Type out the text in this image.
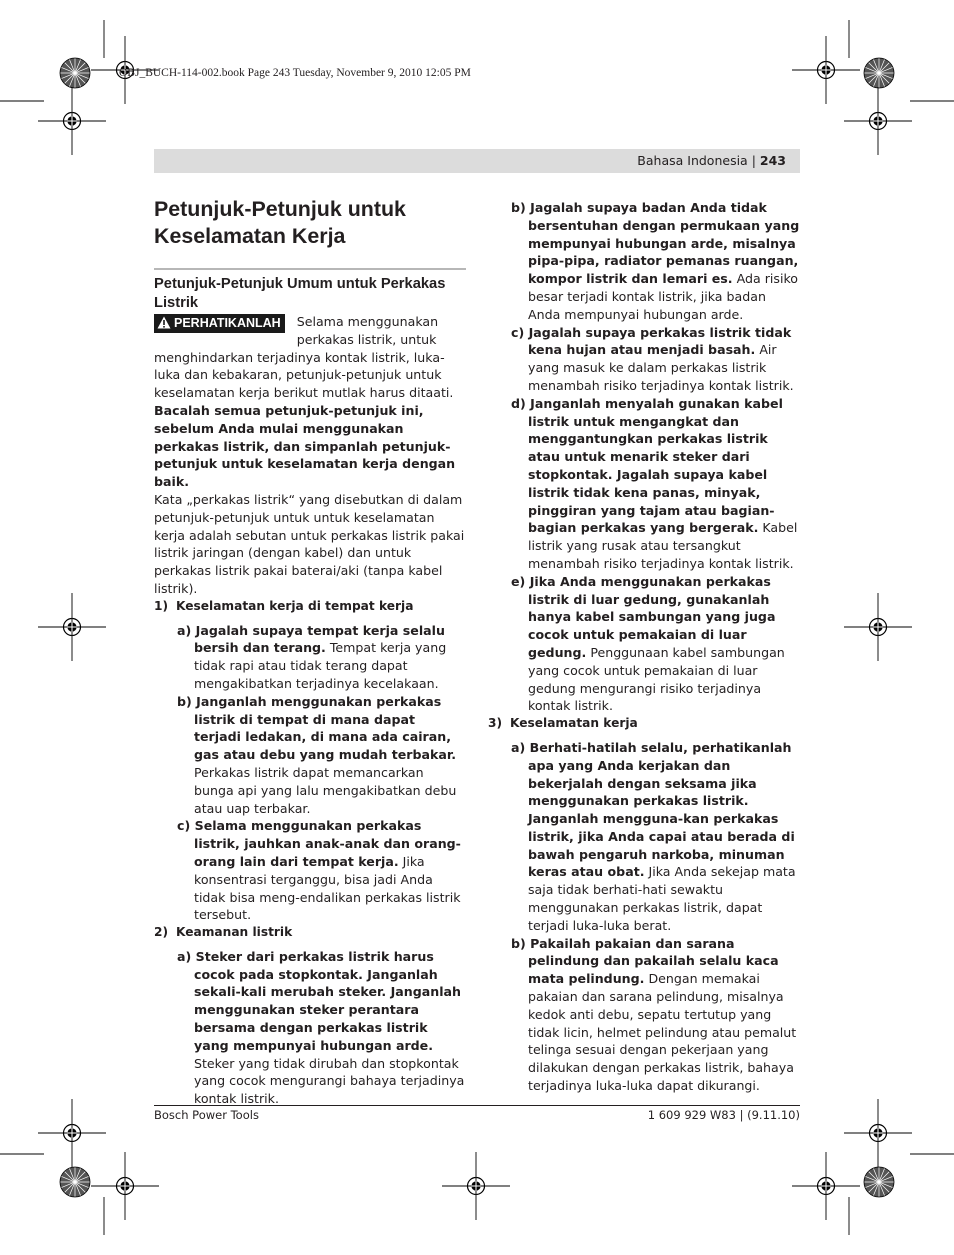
OBJ_BUCH-114-002.book Page 243 Tuesday, November 9, 2010 12:05 PM
Bahasa Indonesia | 243
Petunjuk-Petunjuk untuk Keselamatan Kerja
Petunjuk-Petunjuk Umum untuk Perkakas Listrik

PERHATIKANLAH	Selama menggunakan perkakas listrik, untuk menghindarkan terjadinya kontak listrik, luka-luka dan kebakaran, petunjuk-petunjuk untuk keselamatan kerja berikut mutlak harus ditaati.

Bacalah semua petunjuk-petunjuk ini, sebelum Anda mulai menggunakan perkakas listrik, dan simpanlah petunjuk-petunjuk untuk keselamatan kerja dengan baik.

Kata „perkakas listrik“ yang disebutkan di dalam petunjuk-petunjuk untuk untuk keselamatan kerja adalah sebutan untuk perkakas listrik pakai listrik jaringan (dengan kabel) dan untuk perkakas listrik pakai baterai/aki (tanpa kabel listrik).

1) Keselamatan kerja di tempat kerja

a) Jagalah supaya tempat kerja selalu bersih dan terang. Tempat kerja yang tidak rapi atau tidak terang dapat mengakibatkan terjadinya kecelakaan.

b) Janganlah menggunakan perkakas listrik di tempat di mana dapat terjadi ledakan, di mana ada cairan, gas atau debu yang mudah terbakar. Perkakas listrik dapat memancarkan bunga api yang lalu mengakibatkan debu atau uap terbakar.

c) Selama menggunakan perkakas listrik, jauhkan anak-anak dan orang-orang lain dari tempat kerja. Jika konsentrasi terganggu, bisa jadi Anda tidak bisa meng-endalikan perkakas listrik tersebut.

2) Keamanan listrik

a) Steker dari perkakas listrik harus cocok pada stopkontak. Janganlah sekali-kali merubah steker. Janganlah menggunakan steker perantara bersama dengan perkakas listrik yang mempunyai hubungan arde. Steker yang tidak dirubah dan stopkontak yang cocok mengurangi bahaya terjadinya kontak listrik.

b) Jagalah supaya badan Anda tidak bersentuhan dengan permukaan yang mempunyai hubungan arde, misalnya pipa-pipa, radiator pemanas ruangan, kompor listrik dan lemari es. Ada risiko besar terjadi kontak listrik, jika badan Anda mempunyai hubungan arde.

c) Jagalah supaya perkakas listrik tidak kena hujan atau menjadi basah. Air yang masuk ke dalam perkakas listrik menambah risiko terjadinya kontak listrik.

d) Janganlah menyalah gunakan kabel listrik untuk mengangkat dan menggantungkan perkakas listrik atau untuk menarik steker dari stopkontak. Jagalah supaya kabel listrik tidak kena panas, minyak, pinggiran yang tajam atau bagian-bagian perkakas yang bergerak. Kabel listrik yang rusak atau tersangkut menambah risiko terjadinya kontak listrik.

e) Jika Anda menggunakan perkakas listrik di luar gedung, gunakanlah hanya kabel sambungan yang juga cocok untuk pemakaian di luar gedung. Penggunaan kabel sambungan yang cocok untuk pemakaian di luar gedung mengurangi risiko terjadinya kontak listrik.

3) Keselamatan kerja

a) Berhati-hatilah selalu, perhatikanlah apa yang Anda kerjakan dan bekerjalah dengan seksama jika menggunakan perkakas listrik. Janganlah mengguna-kan perkakas listrik, jika Anda capai atau berada di bawah pengaruh narkoba, minuman keras atau obat. Jika Anda sekejap mata saja tidak berhati-hati sewaktu menggunakan perkakas listrik, dapat terjadi luka-luka berat.

b) Pakailah pakaian dan sarana pelindung dan pakailah selalu kaca mata pelindung. Dengan memakai pakaian dan sarana pelindung, misalnya kedok anti debu, sepatu tertutup yang tidak licin, helmet pelindung atau pemalut telinga sesuai dengan pekerjaan yang dilakukan dengan perkakas listrik, bahaya terjadinya luka-luka dapat dikurangi.

Bosch Power Tools	1 609 929 W83 | (9.11.10)
